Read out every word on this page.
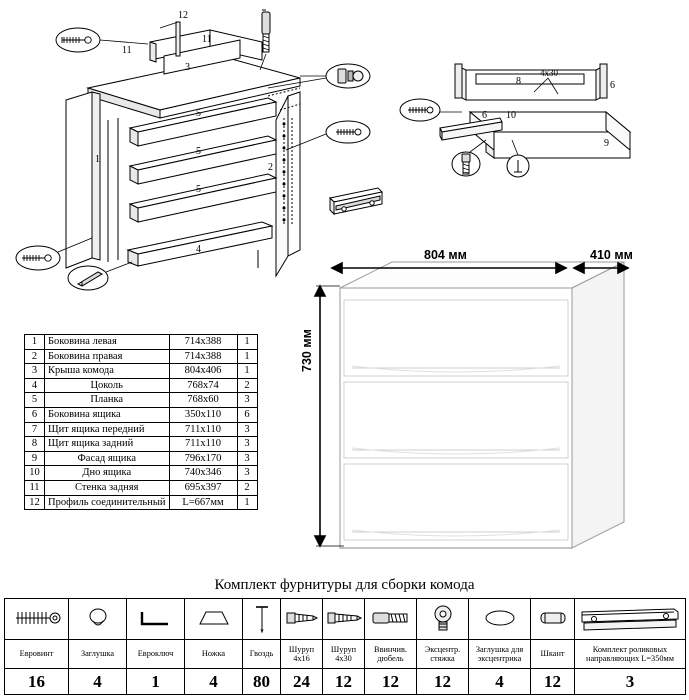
1
2
3
4
5
5
5
11
11
12
6
6
8
9
10
4х30
804 мм	410 мм
730 мм
1	Боковина левая	714х388	1
2	Боковина правая	714х388	1
3	Крыша комода	804х406	1
4	Цоколь	768х74	2
5	Планка	768х60	3
6	Боковина ящика	350х110	6
7	Щит ящика передний	711х110	3
8	Щит ящика задний	711х110	3
9	Фасад ящика	796х170	3
10	Дно ящика	740х346	3
11	Стенка задняя	695х397	2
12	Профиль соединительный	L=667мм	1
Комплект фурнитуры для сборки комода

Евровинт	Заглушка	Евроключ	Ножка	Гвоздь	Шуруп 4х16	Шуруп 4х30	Ввинчив. дюбель	Эксцентр. стяжка	Заглушка для эксцентрика	Шкант	Комплект роликовых направляющих L=350мм
16	4	1	4	80	24	12	12	12	4	12	3
